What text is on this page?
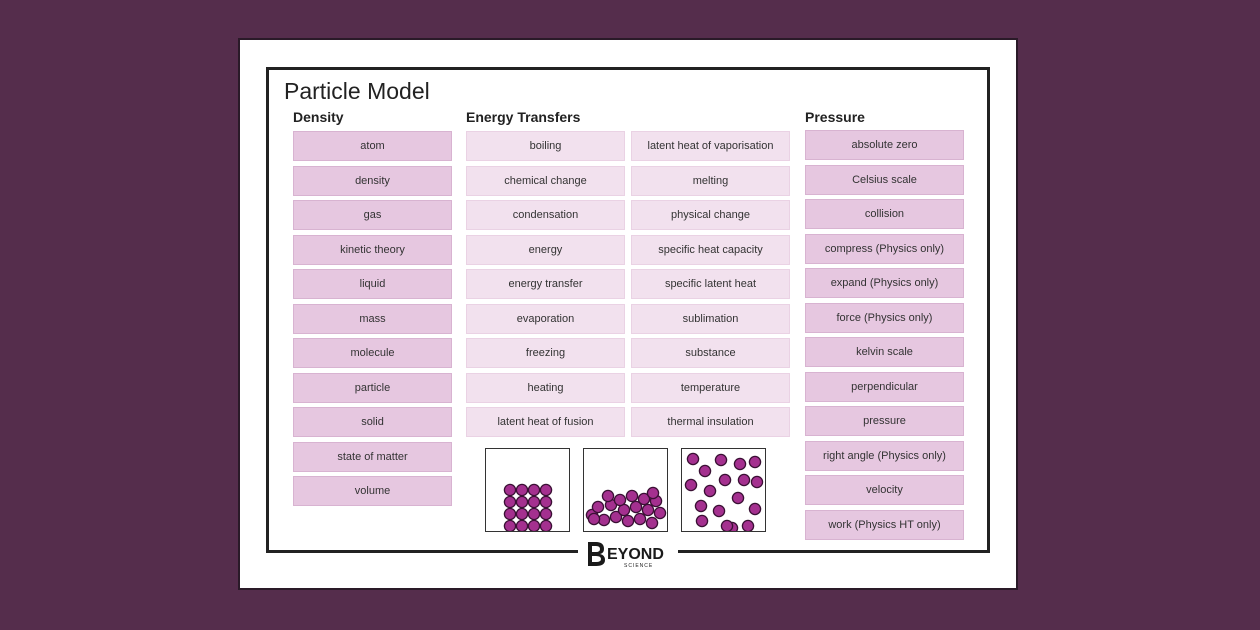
Particle Model
Density	Energy Transfers	Pressure
EYOND
SCIENCE
atom
density
gas
kinetic theory
liquid
mass
molecule
particle
solid
state of matter
volume
boiling
chemical change
condensation
energy
energy transfer
evaporation
freezing
heating
latent heat of fusion
latent heat of vaporisation
melting
physical change
specific heat capacity
specific latent heat
sublimation
substance
temperature
thermal insulation
absolute zero
Celsius scale
collision
compress (Physics only)
expand (Physics only)
force (Physics only)
kelvin scale
perpendicular
pressure
right angle (Physics only)
velocity
work (Physics HT only)
